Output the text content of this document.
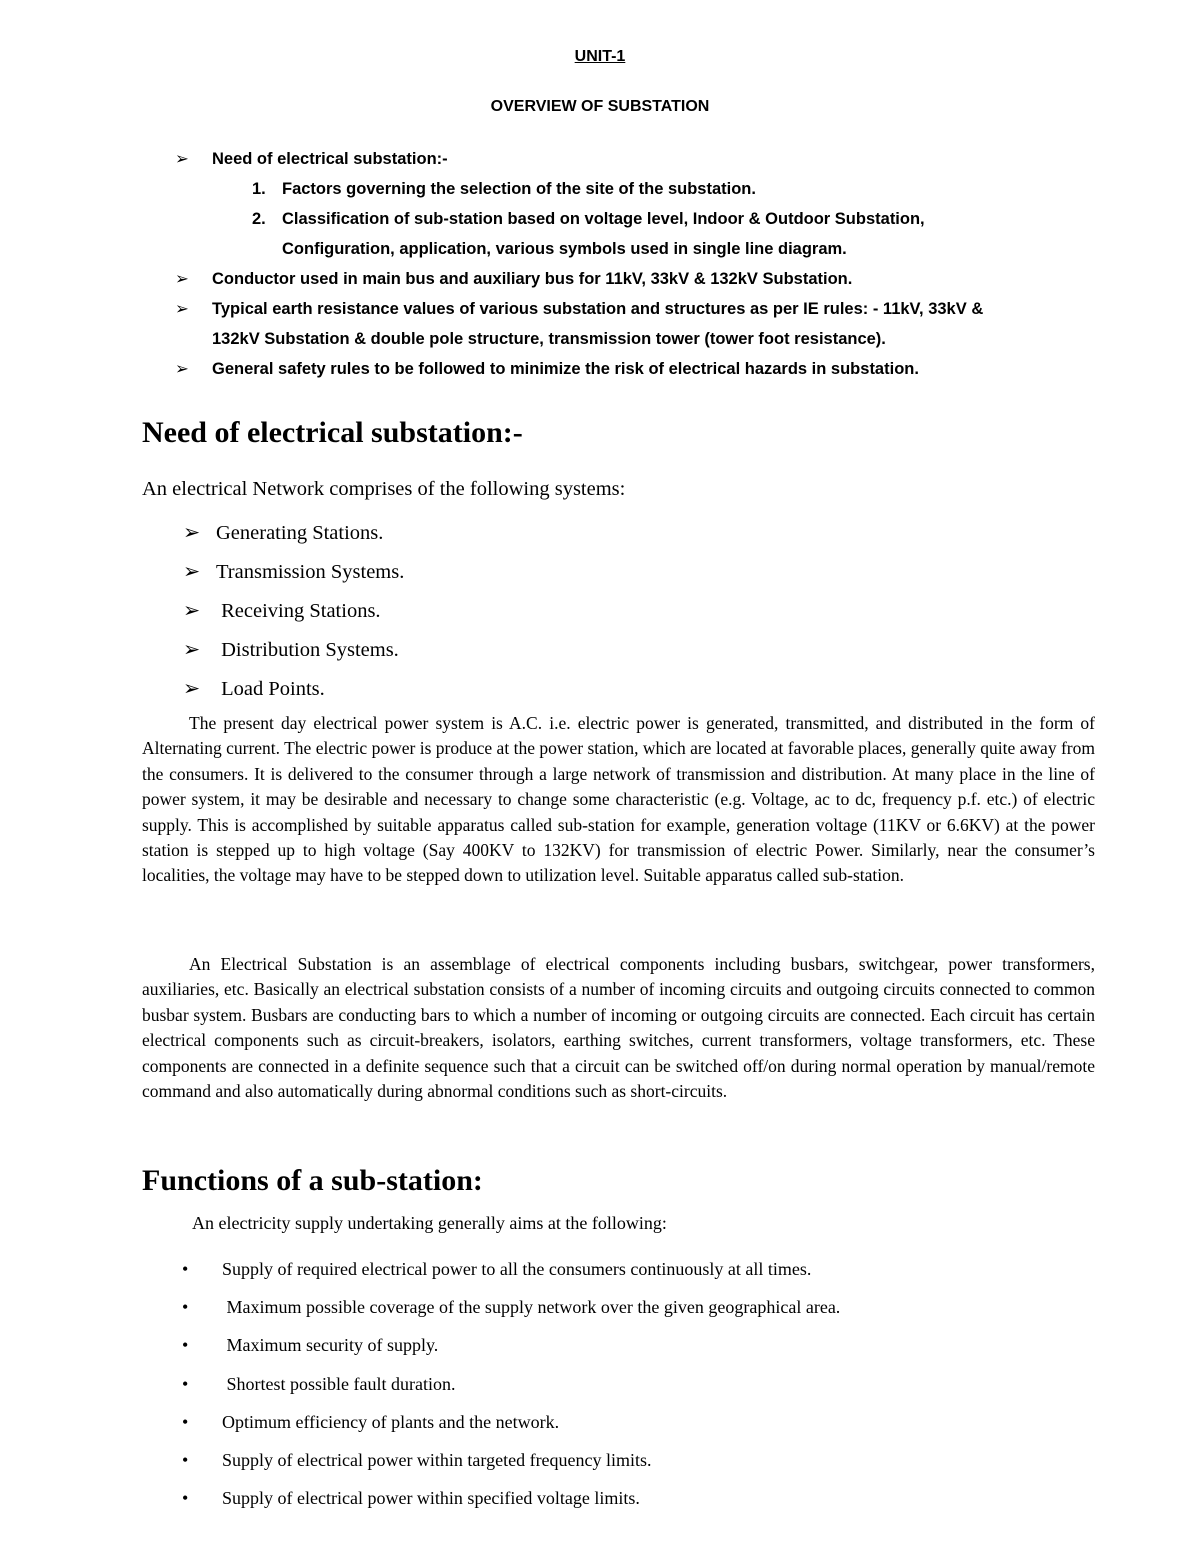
UNIT-1
OVERVIEW OF SUBSTATION
➢ Need of electrical substation:-
1. Factors governing the selection of the site of the substation.
2. Classification of sub-station based on voltage level, Indoor & Outdoor Substation,
Configuration, application, various symbols used in single line diagram.
➢ Conductor used in main bus and auxiliary bus for 11kV, 33kV & 132kV Substation.
➢ Typical earth resistance values of various substation and structures as per IE rules: - 11kV, 33kV &
132kV Substation & double pole structure, transmission tower (tower foot resistance).
➢ General safety rules to be followed to minimize the risk of electrical hazards in substation.
Need of electrical substation:-
An electrical Network comprises of the following systems:
➢ Generating Stations.
➢ Transmission Systems.
➢ Receiving Stations.
➢ Distribution Systems.
➢ Load Points.

The present day electrical power system is A.C. i.e. electric power is generated, transmitted, and distributed in the form of Alternating current. The electric power is produce at the power station, which are located at favorable places, generally quite away from the consumers. It is delivered to the consumer through a large network of transmission and distribution. At many place in the line of power system, it may be desirable and necessary to change some characteristic (e.g. Voltage, ac to dc, frequency p.f. etc.) of electric supply. This is accomplished by suitable apparatus called sub-station for example, generation voltage (11KV or 6.6KV) at the power station is stepped up to high voltage (Say 400KV to 132KV) for transmission of electric Power. Similarly, near the consumer’s localities, the voltage may have to be stepped down to utilization level. Suitable apparatus called sub-station.

An Electrical Substation is an assemblage of electrical components including busbars, switchgear, power transformers, auxiliaries, etc. Basically an electrical substation consists of a number of incoming circuits and outgoing circuits connected to common busbar system. Busbars are conducting bars to which a number of incoming or outgoing circuits are connected. Each circuit has certain electrical components such as circuit-breakers, isolators, earthing switches, current transformers, voltage transformers, etc. These components are connected in a definite sequence such that a circuit can be switched off/on during normal operation by manual/remote command and also automatically during abnormal conditions such as short-circuits.

Functions of a sub-station:
An electricity supply undertaking generally aims at the following:
• Supply of required electrical power to all the consumers continuously at all times.
• Maximum possible coverage of the supply network over the given geographical area.
• Maximum security of supply.
• Shortest possible fault duration.
• Optimum efficiency of plants and the network.
• Supply of electrical power within targeted frequency limits.
• Supply of electrical power within specified voltage limits.
